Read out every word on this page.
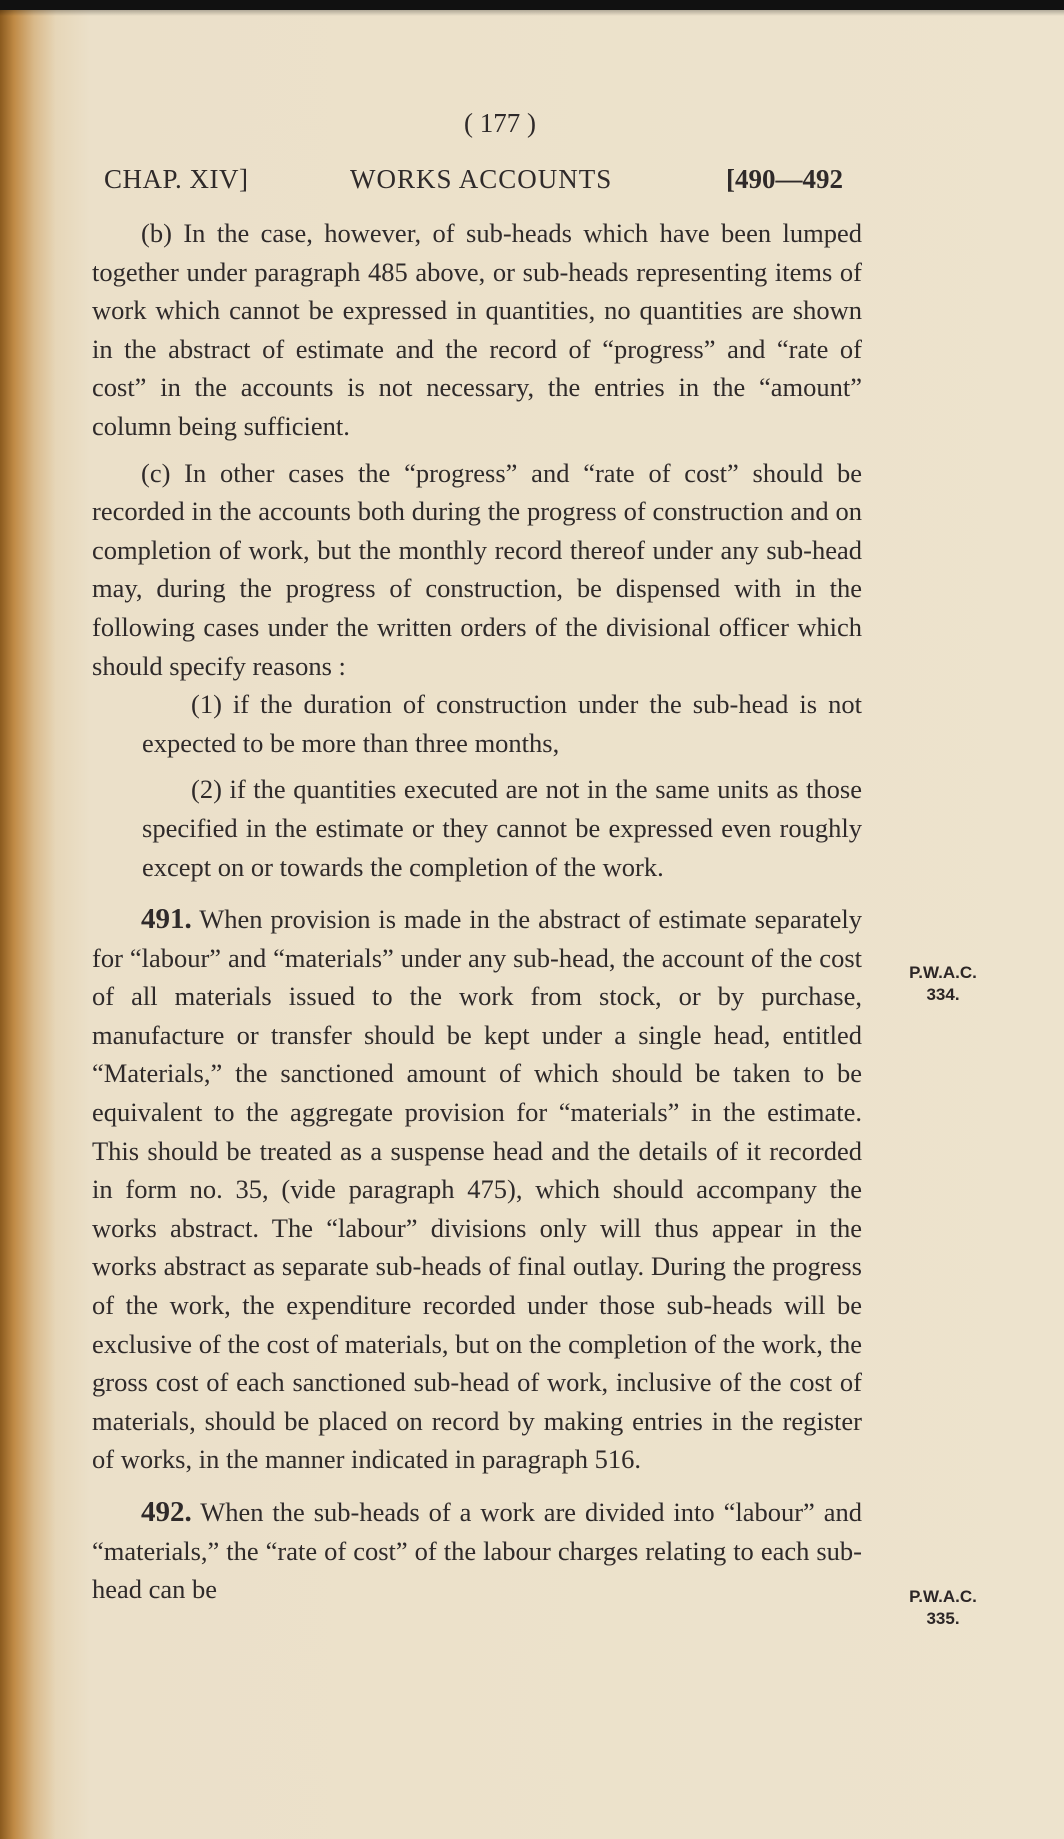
( 177 )
CHAP. XIV]	WORKS ACCOUNTS	[490—492

(b) In the case, however, of sub-heads which have been lumped together under paragraph 485 above, or sub-heads representing items of work which cannot be expressed in quantities, no quantities are shown in the abstract of estimate and the record of “progress” and “rate of cost” in the accounts is not necessary, the entries in the “amount” column being sufficient.

(c) In other cases the “progress” and “rate of cost” should be recorded in the accounts both during the progress of construction and on completion of work, but the monthly record thereof under any sub-head may, during the progress of construction, be dispensed with in the following cases under the written orders of the divisional officer which should specify reasons :

(1) if the duration of construction under the sub-head is not expected to be more than three months,

(2) if the quantities executed are not in the same units as those specified in the estimate or they cannot be expressed even roughly except on or towards the completion of the work.

491. When provision is made in the abstract of estimate separately for “labour” and “materials” under any sub-head, the account of the cost of all materials issued to the work from stock, or by purchase, manufacture or transfer should be kept under a single head, entitled “Materials,” the sanctioned amount of which should be taken to be equivalent to the aggregate provision for “materials” in the estimate. This should be treated as a suspense head and the details of it recorded in form no. 35, (vide paragraph 475), which should accompany the works abstract. The “labour” divisions only will thus appear in the works abstract as separate sub-heads of final outlay. During the progress of the work, the expenditure recorded under those sub-heads will be exclusive of the cost of materials, but on the completion of the work, the gross cost of each sanctioned sub-head of work, inclusive of the cost of materials, should be placed on record by making entries in the register of works, in the manner indicated in paragraph 516.

492. When the sub-heads of a work are divided into “labour” and “materials,” the “rate of cost” of the labour charges relating to each sub-head can be

P.W.A.C.
334.
P.W.A.C.
335.
